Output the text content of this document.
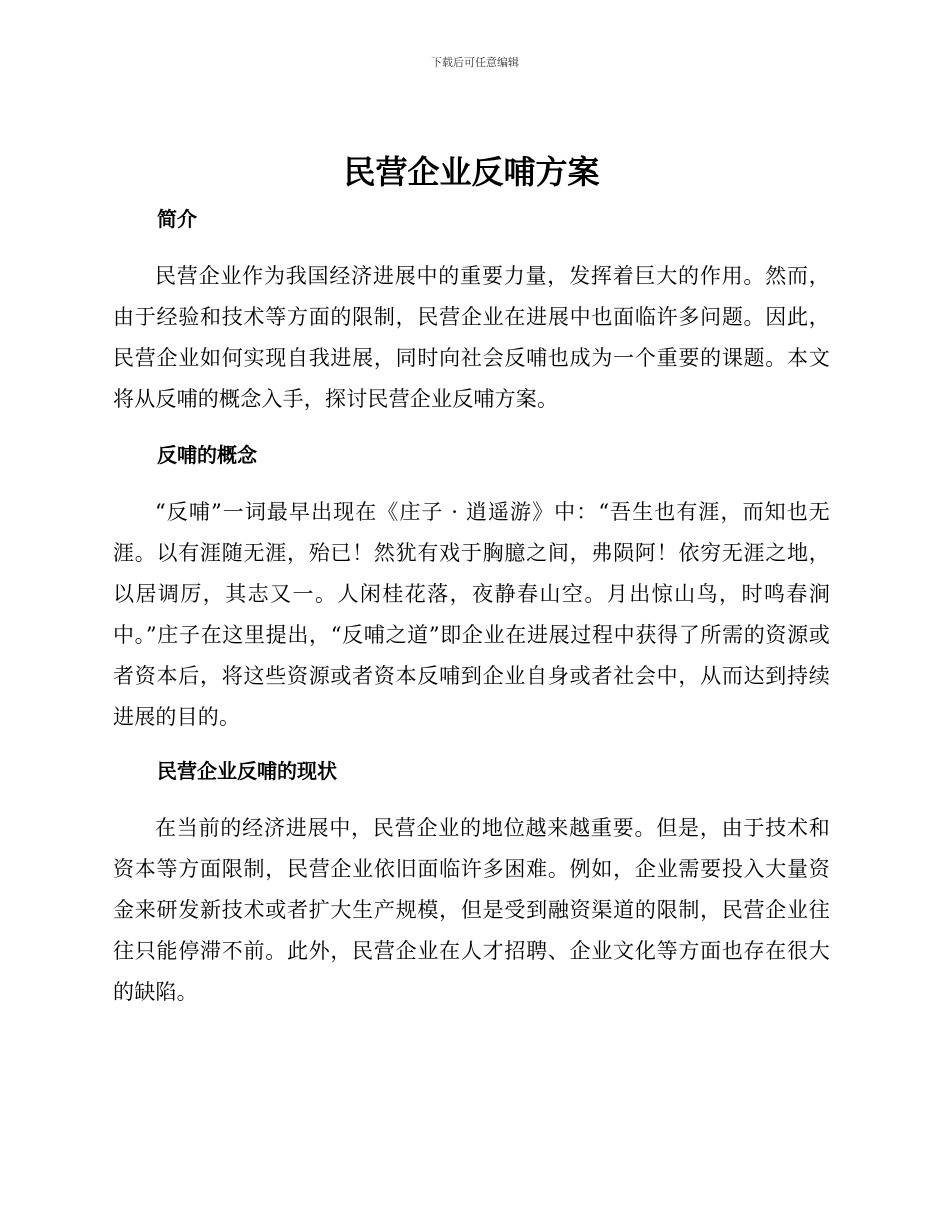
下载后可任意编辑
民营企业反哺方案
简介

民营企业作为我国经济进展中的重要力量，发挥着巨大的作用。然而，由于经验和技术等方面的限制，民营企业在进展中也面临许多问题。因此，民营企业如何实现自我进展，同时向社会反哺也成为一个重要的课题。本文将从反哺的概念入手，探讨民营企业反哺方案。

反哺的概念

“反哺”一词最早出现在《庄子 · 逍遥游》中：“吾生也有涯，而知也无涯。以有涯随无涯，殆已！然犹有戏于胸臆之间，弗陨阿！依穷无涯之地，以居调厉，其志又一。人闲桂花落，夜静春山空。月出惊山鸟，时鸣春涧中。”庄子在这里提出，“反哺之道”即企业在进展过程中获得了所需的资源或者资本后，将这些资源或者资本反哺到企业自身或者社会中，从而达到持续进展的目的。

民营企业反哺的现状

在当前的经济进展中，民营企业的地位越来越重要。但是，由于技术和资本等方面限制，民营企业依旧面临许多困难。例如，企业需要投入大量资金来研发新技术或者扩大生产规模，但是受到融资渠道的限制，民营企业往往只能停滞不前。此外，民营企业在人才招聘、企业文化等方面也存在很大的缺陷。
